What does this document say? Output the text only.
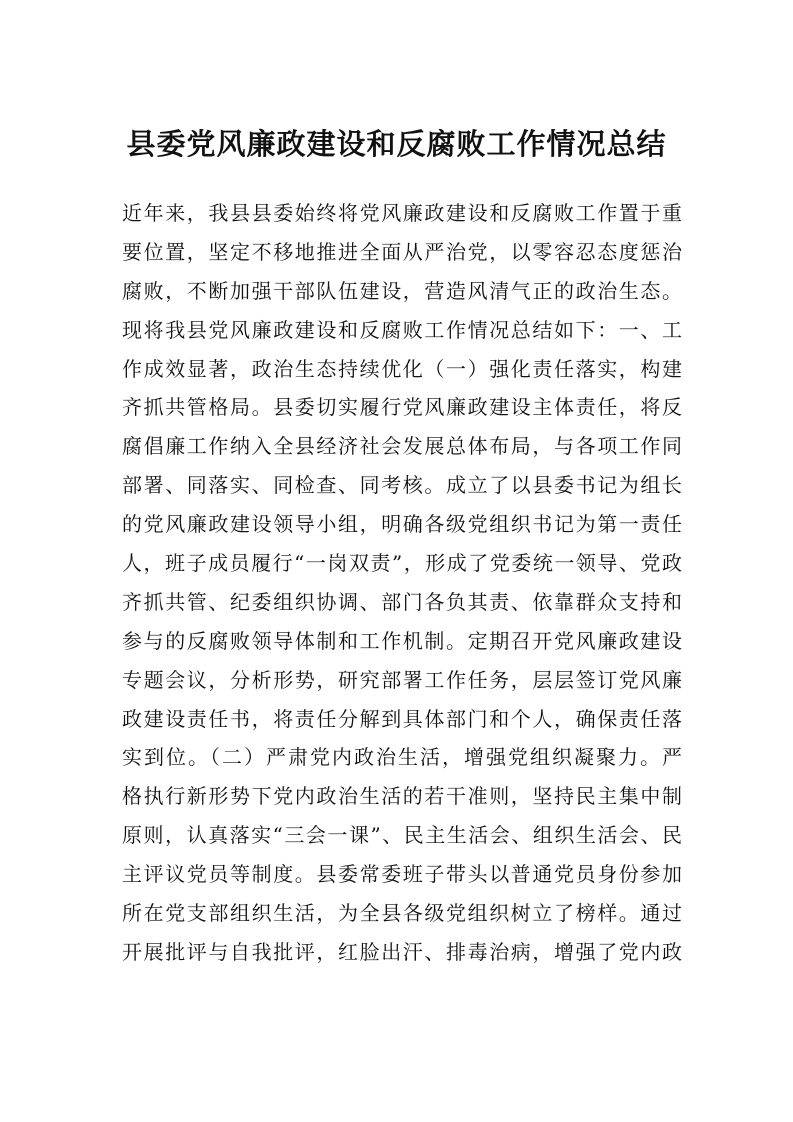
县委党风廉政建设和反腐败工作情况总结
近年来，我县县委始终将党风廉政建设和反腐败工作置于重
要位置，坚定不移地推进全面从严治党，以零容忍态度惩治
腐败，不断加强干部队伍建设，营造风清气正的政治生态。
现将我县党风廉政建设和反腐败工作情况总结如下：一、工
作成效显著，政治生态持续优化（一）强化责任落实，构建
齐抓共管格局。县委切实履行党风廉政建设主体责任，将反
腐倡廉工作纳入全县经济社会发展总体布局，与各项工作同
部署、同落实、同检查、同考核。成立了以县委书记为组长
的党风廉政建设领导小组，明确各级党组织书记为第一责任
人，班子成员履行“一岗双责”，形成了党委统一领导、党政
齐抓共管、纪委组织协调、部门各负其责、依靠群众支持和
参与的反腐败领导体制和工作机制。定期召开党风廉政建设
专题会议，分析形势，研究部署工作任务，层层签订党风廉
政建设责任书，将责任分解到具体部门和个人，确保责任落
实到位。（二）严肃党内政治生活，增强党组织凝聚力。严
格执行新形势下党内政治生活的若干准则，坚持民主集中制
原则，认真落实“三会一课”、民主生活会、组织生活会、民
主评议党员等制度。县委常委班子带头以普通党员身份参加
所在党支部组织生活，为全县各级党组织树立了榜样。通过
开展批评与自我批评，红脸出汗、排毒治病，增强了党内政
